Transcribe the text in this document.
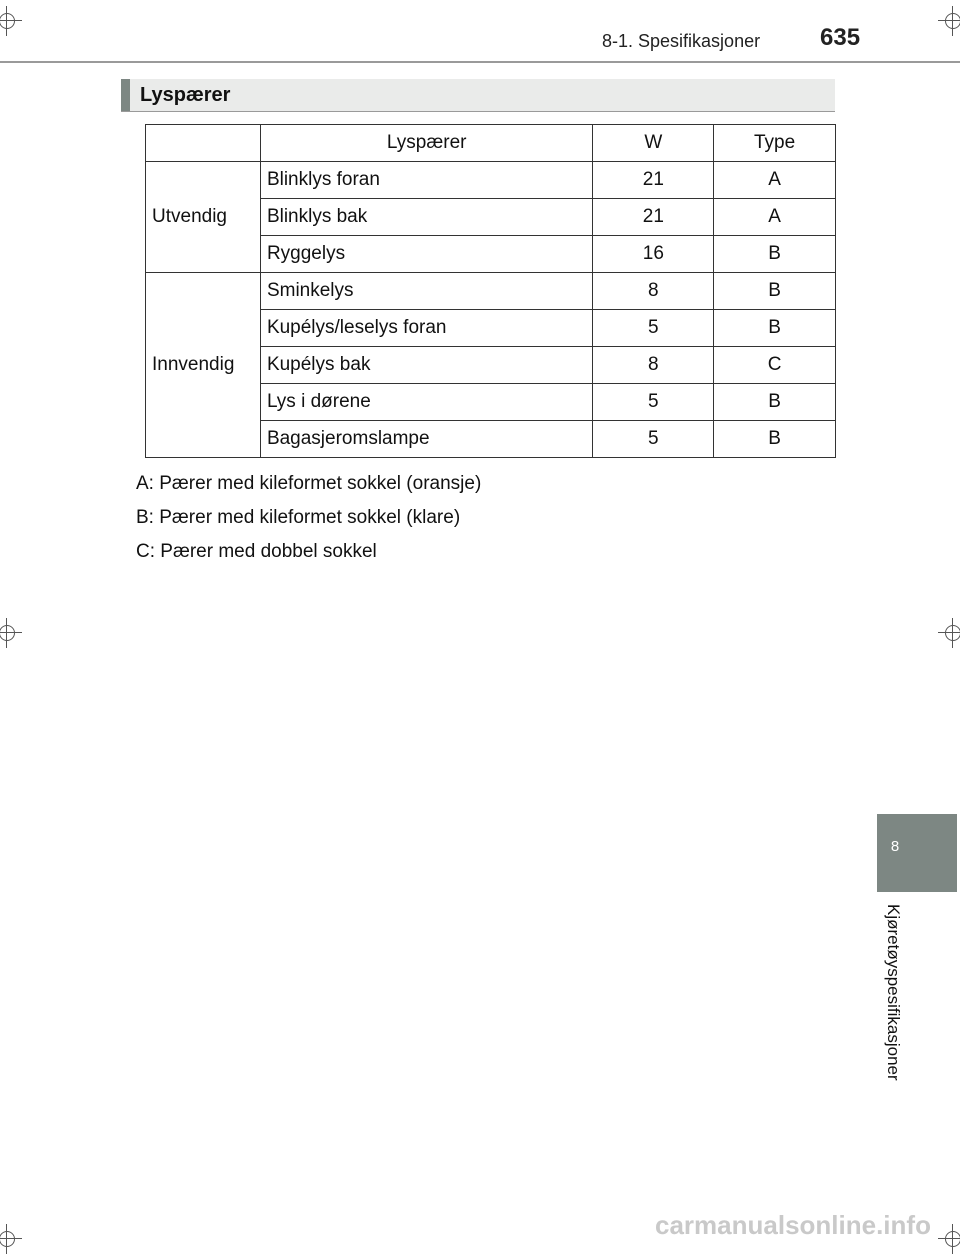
8-1. Spesifikasjoner 635
Lyspærer
	Lyspærer	W	Type
Utvendig	Blinklys foran	21	A
	Blinklys bak	21	A
	Ryggelys	16	B
Innvendig	Sminkelys	8	B
	Kupélys/leselys foran	5	B
	Kupélys bak	8	C
	Lys i dørene	5	B
	Bagasjeromslampe	5	B
A: Pærer med kileformet sokkel (oransje)
B: Pærer med kileformet sokkel (klare)
C: Pærer med dobbel sokkel
8
Kjøretøyspesifikasjoner
carmanualsonline.info
